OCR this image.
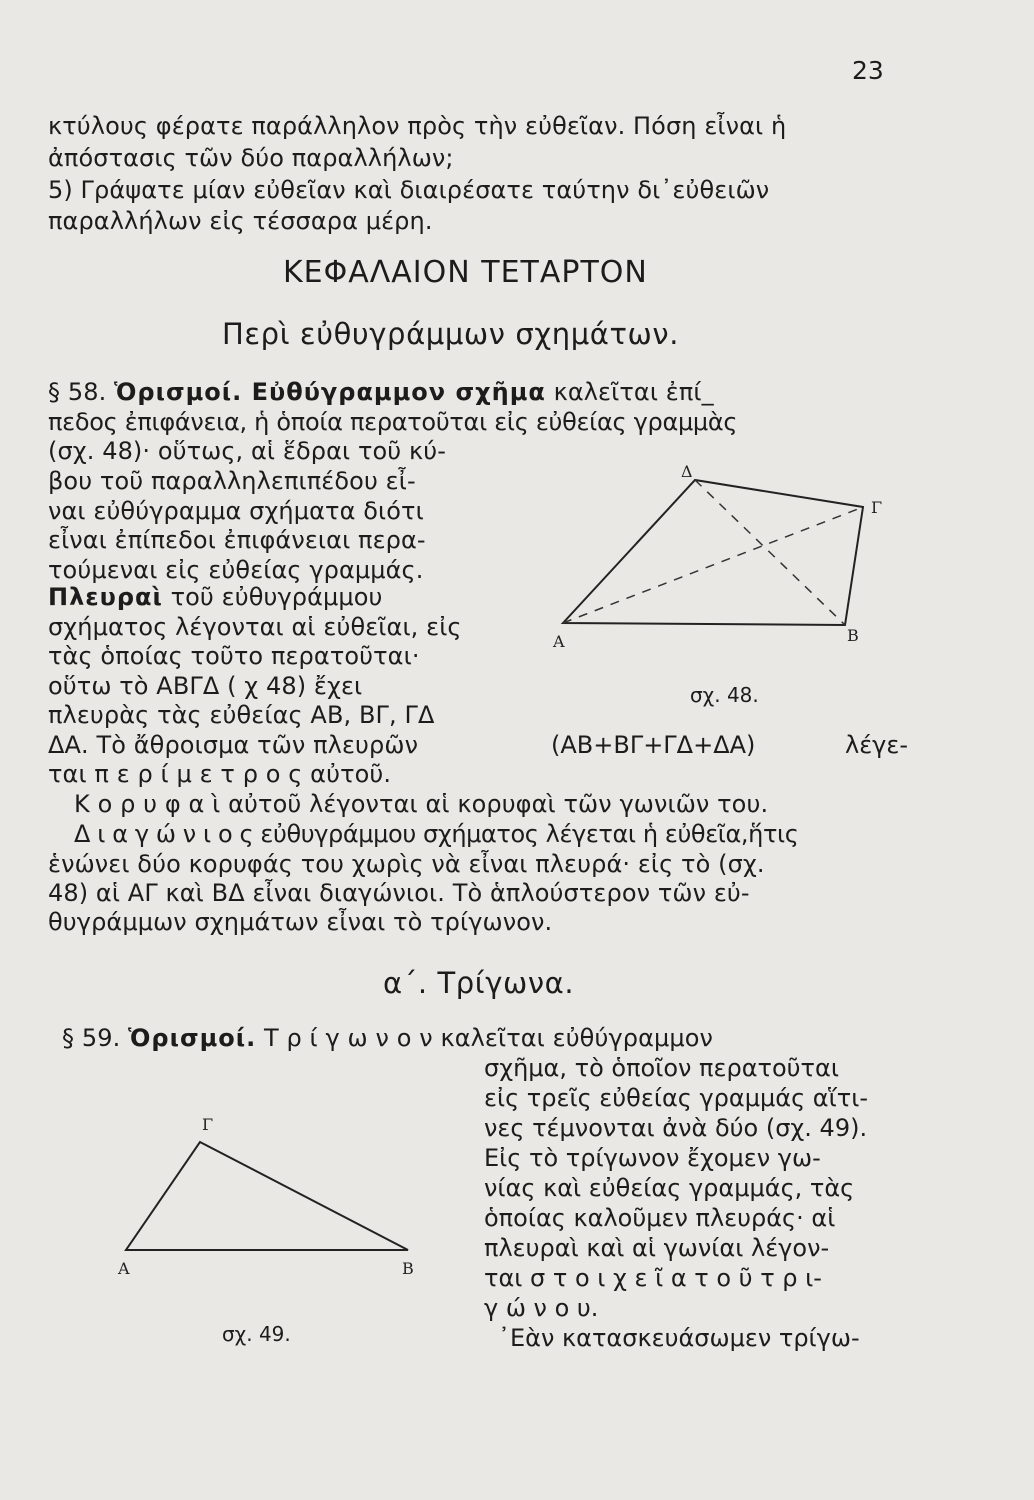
23
κτύλους φέρατε παράλληλον πρὸς τὴν εὐθεῖαν. Πόση εἶναι ἡ
ἀπόστασις τῶν δύο παραλλήλων;
5) Γράψατε μίαν εὐθεῖαν καὶ διαιρέσατε ταύτην δι᾿εὐθειῶν
παραλλήλων εἰς τέσσαρα μέρη.
ΚΕΦΑΛΑΙΟΝ ΤΕΤΑΡΤΟΝ
Περὶ εὐθυγράμμων σχημάτων.
§ 58. Ὁρισμοί. Εὐθύγραμμον σχῆμα καλεῖται ἐπί_
πεδος ἐπιφάνεια, ἡ ὁποία περατοῦται εἰς εὐθείας γραμμὰς
(σχ. 48)· οὕτως, αἱ ἕδραι τοῦ κύ-
βου τοῦ παραλληλεπιπέδου εἶ-
ναι εὐθύγραμμα σχήματα διότι
εἶναι ἐπίπεδοι ἐπιφάνειαι περα-
τούμεναι εἰς εὐθείας γραμμάς.
Πλευραὶ τοῦ εὐθυγράμμου
σχήματος λέγονται αἱ εὐθεῖαι, εἰς
τὰς ὁποίας τοῦτο περατοῦται·
οὕτω τὸ ΑΒΓΔ ( χ 48) ἔχει
πλευρὰς τὰς εὐθείας ΑΒ, ΒΓ, ΓΔ
ΔΑ. Τὸ ἄθροισμα τῶν πλευρῶν	(ΑΒ+ΒΓ+ΓΔ+ΔΑ)	λέγε-
ται π ε ρ ί μ ε τ ρ ο ς αὐτοῦ.
Κ ο ρ υ φ α ὶ αὐτοῦ λέγονται αἱ κορυφαὶ τῶν γωνιῶν του.
Δ ι α γ ώ ν ι ο ς εὐθυγράμμου σχήματος λέγεται ἡ εὐθεῖα,ἥτις
ἑνώνει δύο κορυφάς του χωρὶς νὰ εἶναι πλευρά· εἰς τὸ (σχ.
48) αἱ ΑΓ καὶ ΒΔ εἶναι διαγώνιοι. Τὸ ἁπλούστερον τῶν εὐ-
θυγράμμων σχημάτων εἶναι τὸ τρίγωνον.
Α	Β
Γ
Δ
σχ. 48.
α΄. Τρίγωνα.
§ 59. Ὁρισμοί. Τ ρ ί γ ω ν ο ν καλεῖται εὐθύγραμμον
σχῆμα, τὸ ὁποῖον περατοῦται
εἰς τρεῖς εὐθείας γραμμάς αἵτι-
νες τέμνονται ἀνὰ δύο (σχ. 49).
Εἰς τὸ τρίγωνον ἔχομεν γω-
νίας καὶ εὐθείας γραμμάς, τὰς
ὁποίας καλοῦμεν πλευράς· αἱ
πλευραὶ καὶ αἱ γωνίαι λέγον-
ται σ τ ο ι χ ε ῖ α τ ο ῦ τ ρ ι-
γ ώ ν ο υ.
᾿Εὰν κατασκευάσωμεν τρίγω-
Α	Β
Γ
σχ. 49.
